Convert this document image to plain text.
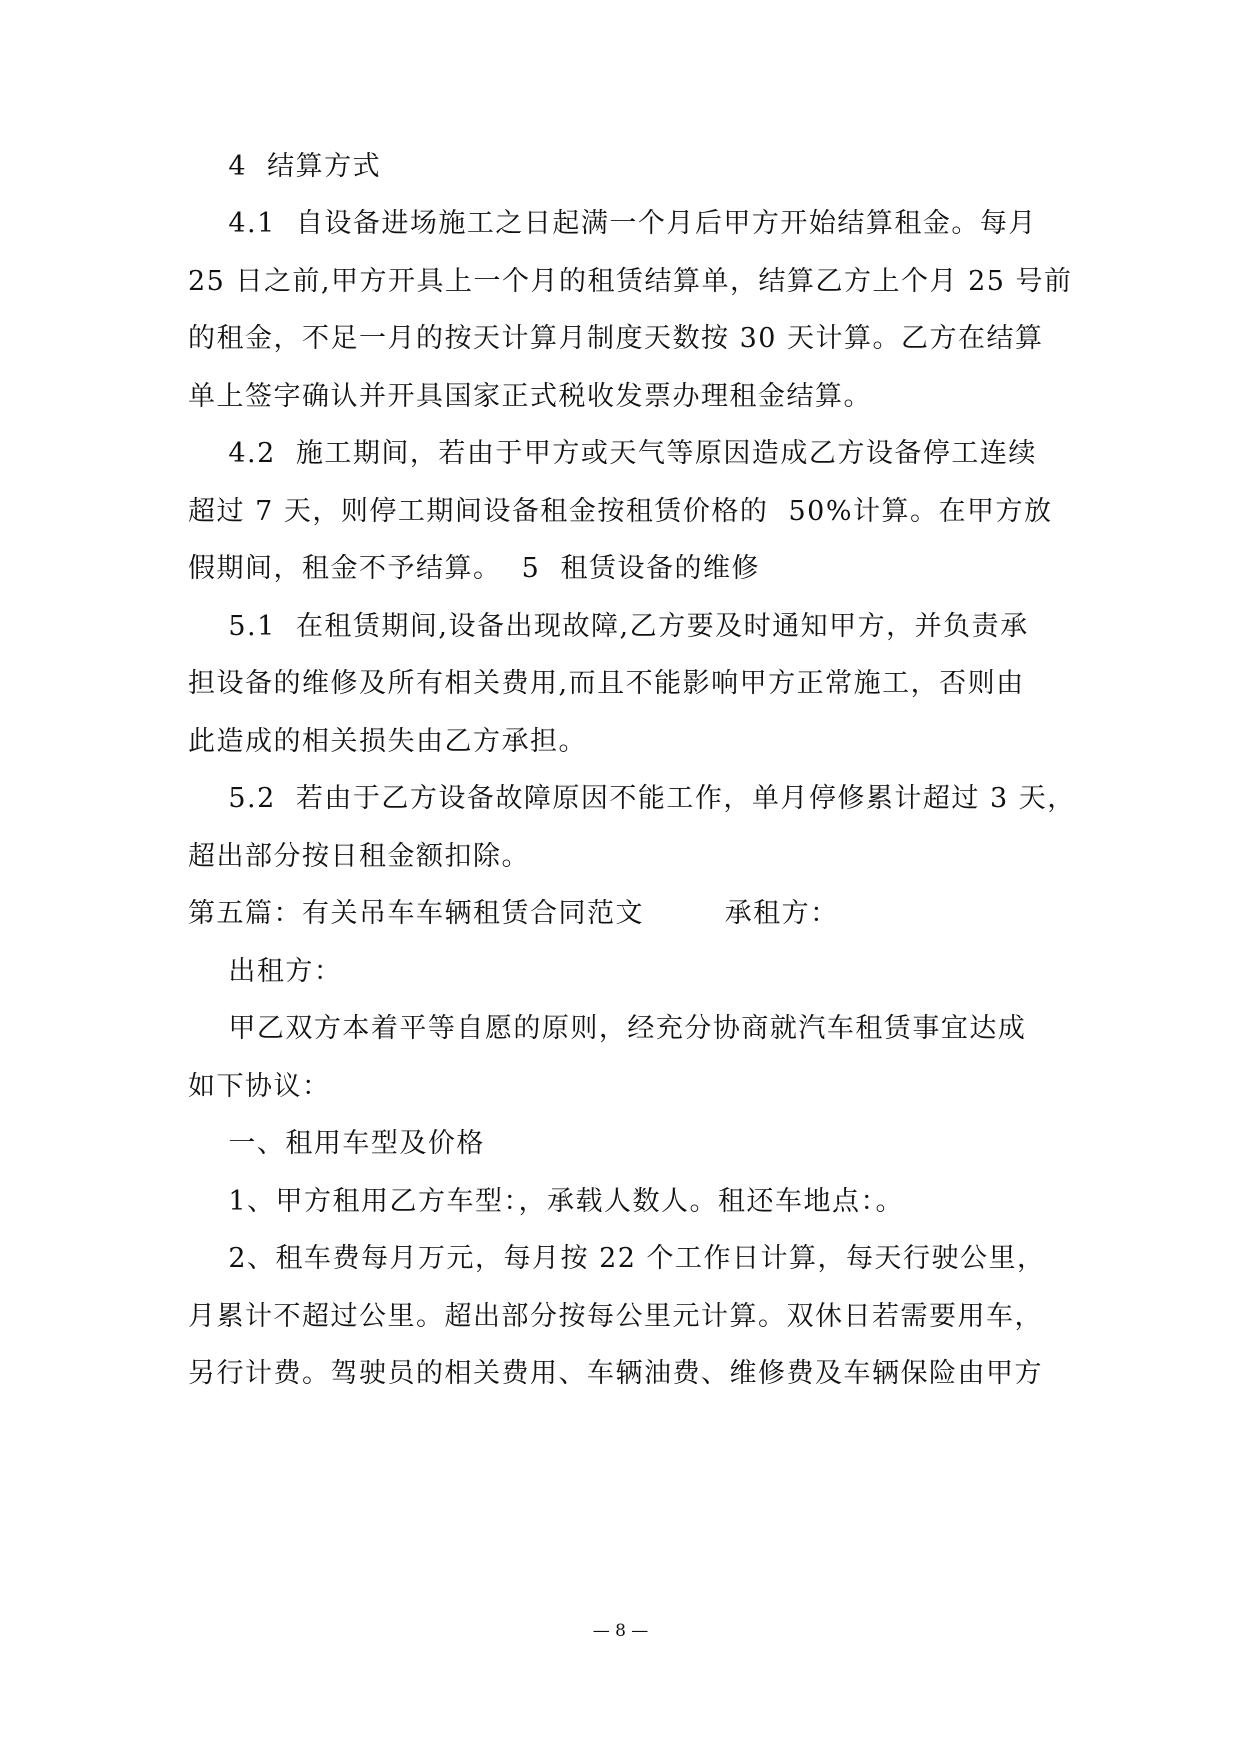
4  结算方式
4.1  自设备进场施工之日起满一个月后甲方开始结算租金。每月
25 日之前,甲方开具上一个月的租赁结算单，结算乙方上个月 25 号前
的租金，不足一月的按天计算月制度天数按 30 天计算。乙方在结算
单上签字确认并开具国家正式税收发票办理租金结算。
4.2  施工期间，若由于甲方或天气等原因造成乙方设备停工连续
超过 7 天，则停工期间设备租金按租赁价格的  50%计算。在甲方放
假期间，租金不予结算。  5  租赁设备的维修
5.1  在租赁期间,设备出现故障,乙方要及时通知甲方，并负责承
担设备的维修及所有相关费用,而且不能影响甲方正常施工，否则由
此造成的相关损失由乙方承担。
5.2  若由于乙方设备故障原因不能工作，单月停修累计超过 3 天，
超出部分按日租金额扣除。
第五篇：有关吊车车辆租赁合同范文        承租方：
出租方：
甲乙双方本着平等自愿的原则，经充分协商就汽车租赁事宜达成
如下协议：
一、租用车型及价格
1、甲方租用乙方车型：，承载人数人。租还车地点：。
2、租车费每月万元，每月按 22 个工作日计算，每天行驶公里，
月累计不超过公里。超出部分按每公里元计算。双休日若需要用车，
另行计费。驾驶员的相关费用、车辆油费、维修费及车辆保险由甲方
— 8 —
